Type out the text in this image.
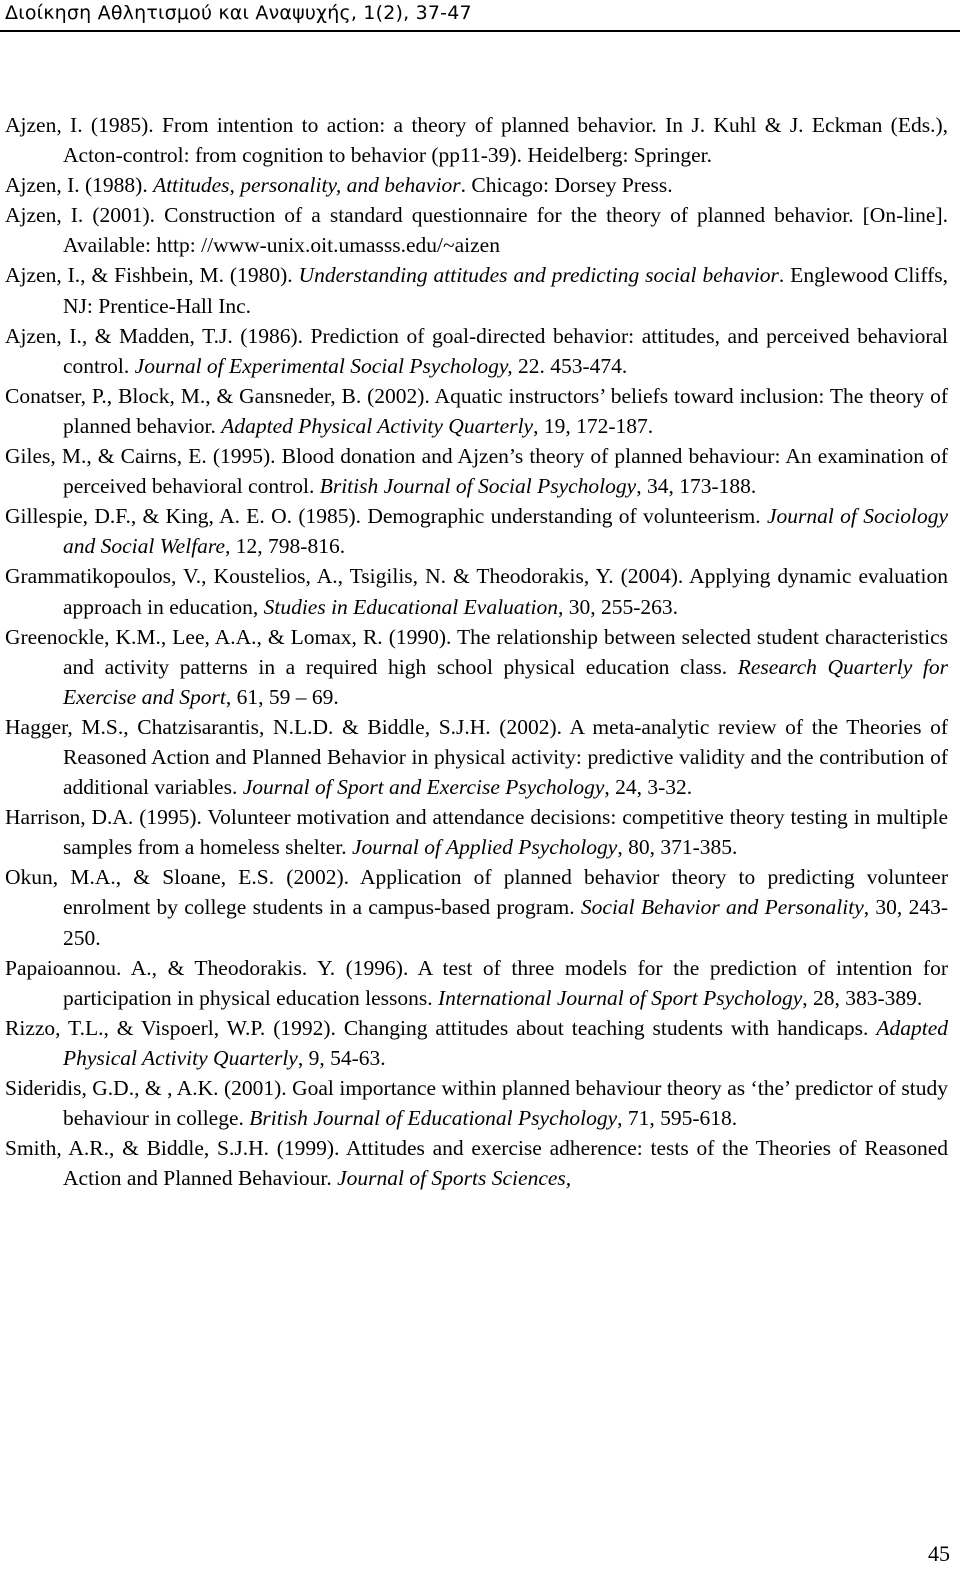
Διοίκηση Αθλητισμού και Αναψυχής, 1(2), 37-47

Ajzen, I. (1985). From intention to action: a theory of planned behavior. In J. Kuhl & J. Eckman (Eds.), Acton-control: from cognition to behavior (pp11-39). Heidelberg: Springer.

Ajzen, I. (1988). Attitudes, personality, and behavior. Chicago: Dorsey Press.

Ajzen, I. (2001). Construction of a standard questionnaire for the theory of planned behavior. [On-line]. Available: http: //www-unix.oit.umasss.edu/~aizen

Ajzen, I., & Fishbein, M. (1980). Understanding attitudes and predicting social behavior. Englewood Cliffs, NJ: Prentice-Hall Inc.

Ajzen, I., & Madden, T.J. (1986). Prediction of goal-directed behavior: attitudes, and perceived behavioral control. Journal of Experimental Social Psychology, 22. 453-474.

Conatser, P., Block, M., & Gansneder, B. (2002). Aquatic instructors’ beliefs toward inclusion: The theory of planned behavior. Adapted Physical Activity Quarterly, 19, 172-187.

Giles, M., & Cairns, E. (1995). Blood donation and Ajzen’s theory of planned behaviour: An examination of perceived behavioral control. British Journal of Social Psychology, 34, 173-188.

Gillespie, D.F., & King, A. E. O. (1985). Demographic understanding of volunteerism. Journal of Sociology and Social Welfare, 12, 798-816.

Grammatikopoulos, V., Koustelios, A., Tsigilis, N. & Theodorakis, Y. (2004). Applying dynamic evaluation approach in education, Studies in Educational Evaluation, 30, 255-263.

Greenockle, K.M., Lee, A.A., & Lomax, R. (1990). The relationship between selected student characteristics and activity patterns in a required high school physical education class. Research Quarterly for Exercise and Sport, 61, 59 – 69.

Hagger, M.S., Chatzisarantis, N.L.D. & Biddle, S.J.H. (2002). A meta-analytic review of the Theories of Reasoned Action and Planned Behavior in physical activity: predictive validity and the contribution of additional variables. Journal of Sport and Exercise Psychology, 24, 3-32.

Harrison, D.A. (1995). Volunteer motivation and attendance decisions: competitive theory testing in multiple samples from a homeless shelter. Journal of Applied Psychology, 80, 371-385.

Okun, M.A., & Sloane, E.S. (2002). Application of planned behavior theory to predicting volunteer enrolment by college students in a campus-based program. Social Behavior and Personality, 30, 243-250.

Papaioannou. A., & Theodorakis. Y. (1996). A test of three models for the prediction of intention for participation in physical education lessons. International Journal of Sport Psychology, 28, 383-389.

Rizzo, T.L., & Vispoerl, W.P. (1992). Changing attitudes about teaching students with handicaps. Adapted Physical Activity Quarterly, 9, 54-63.

Sideridis, G.D., & , A.K. (2001). Goal importance within planned behaviour theory as ‘the’ predictor of study behaviour in college. British Journal of Educational Psychology, 71, 595-618.

Smith, A.R., & Biddle, S.J.H. (1999). Attitudes and exercise adherence: tests of the Theories of Reasoned Action and Planned Behaviour. Journal of Sports Sciences,

45
